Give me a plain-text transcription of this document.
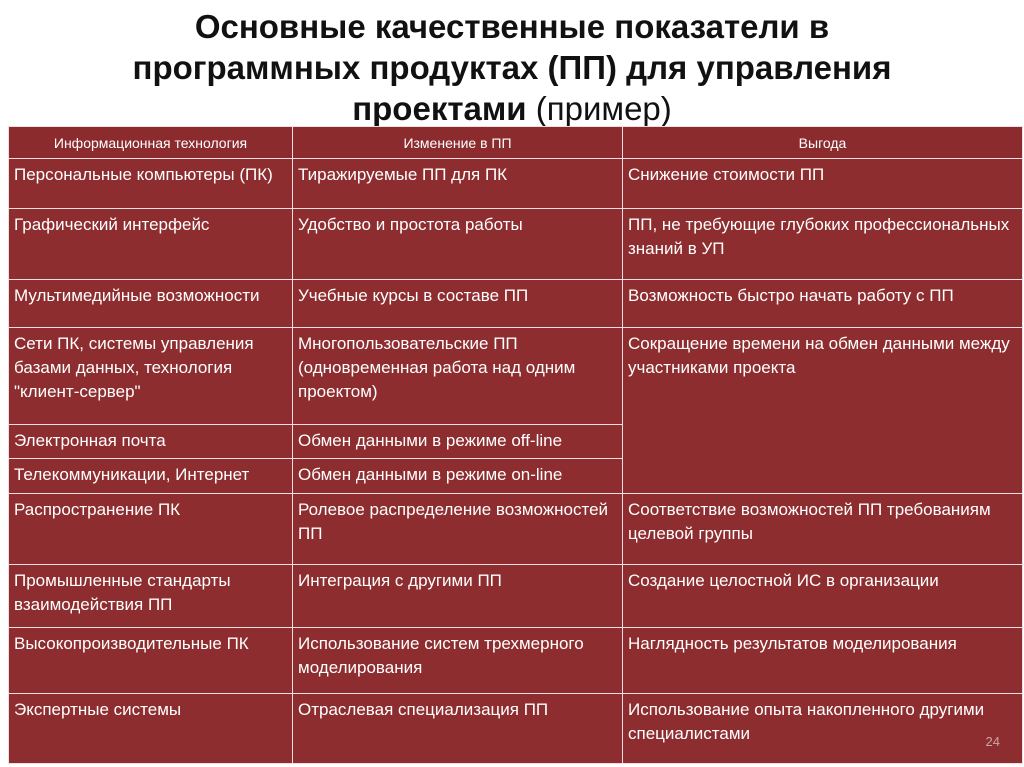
Основные качественные показатели в
программных продуктах (ПП) для управления
проектами (пример)
Информационная технология	Изменение в ПП	Выгода
Персональные компьютеры (ПК)	Тиражируемые ПП для ПК	Снижение стоимости ПП
Графический интерфейс	Удобство и простота работы	ПП, не требующие глубоких профессиональных знаний в УП
Мультимедийные возможности	Учебные курсы в составе ПП	Возможность быстро начать работу с ПП
Сети ПК, системы управления базами данных, технология "клиент-сервер"	Многопользовательские ПП (одновременная работа над одним проектом)	Сокращение времени на обмен данными между участниками проекта
Электронная почта	Обмен данными в режиме off-line	
Телекоммуникации, Интернет	Обмен данными в режиме on-line	
Распространение ПК	Ролевое распределение возможностей ПП	Соответствие возможностей ПП требованиям целевой группы
Промышленные стандарты взаимодействия ПП	Интеграция с другими ПП	Создание целостной ИС в организации
Высокопроизводительные ПК	Использование систем трехмерного моделирования	Наглядность результатов моделирования
Экспертные системы	Отраслевая специализация ПП	Использование опыта накопленного другими специалистами	24
